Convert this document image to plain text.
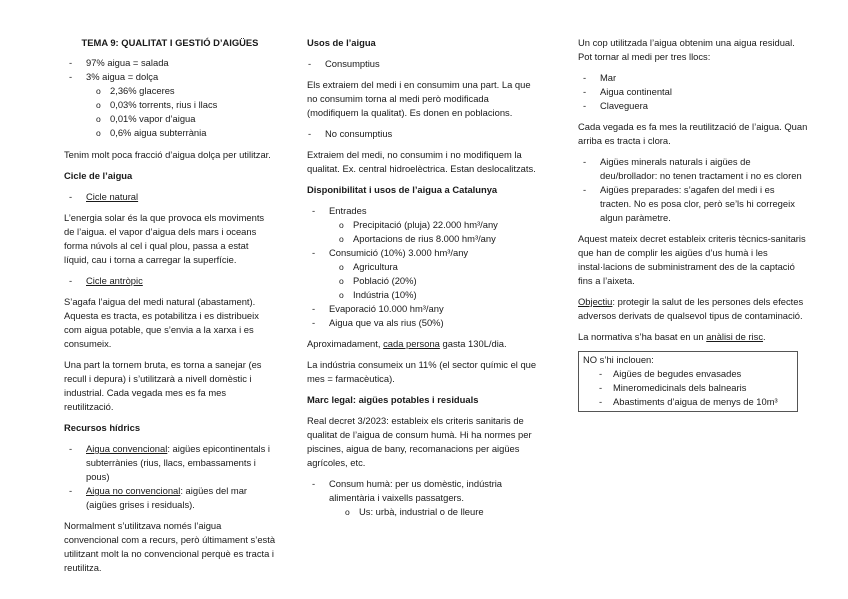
TEMA 9: QUALITAT I GESTIÓ D’AIGÜES

- 97% aigua = salada
- 3% aigua = dolça
o 2,36% glaceres
o 0,03% torrents, rius i llacs
o 0,01% vapor d’aigua
o 0,6% aigua subterrània

Tenim molt poca fracció d’aigua dolça per utilitzar.

Cicle de l’aigua

- Cicle natural

L’energia solar és la que provoca els moviments de l’aigua. el vapor d’aigua dels mars i oceans forma núvols al cel i qual plou, passa a estat líquid, cau i torna a carregar la superfície.

- Cicle antròpic

S’agafa l’aigua del medi natural (abastament). Aquesta es tracta, es potabilitza i es distribueix com aigua potable, que s’envia a la xarxa i es consumeix.

Una part la tornem bruta, es torna a sanejar (es recull i depura) i s’utilitzarà a nivell domèstic i industrial. Cada vegada mes es fa mes reutilització.

Recursos hídrics

- Aigua convencional: aigües epicontinentals i subterrànies (rius, llacs, embassaments i pous)
- Aigua no convencional: aigües del mar (aigües grises i residuals).

Normalment s’utilitzava només l’aigua convencional com a recurs, però últimament s’està utilitzant molt la no convencional perquè es tracta i reutilitza.

Usos de l’aigua

- Consumptius

Els extraiem del medi i en consumim una part. La que no consumim torna al medi però modificada (modifiquem la qualitat). Es donen en poblacions.

- No consumptius

Extraiem del medi, no consumim i no modifiquem la qualitat. Ex. central hidroelèctrica. Estan deslocalitzats.

Disponibilitat i usos de l’aigua a Catalunya

- Entrades
o Precipitació (pluja) 22.000 hm³/any
o Aportacions de rius 8.000 hm³/any
- Consumició (10%) 3.000 hm³/any
o Agricultura
o Població (20%)
o Indústria (10%)
- Evaporació 10.000 hm³/any
- Aigua que va als rius (50%)

Aproximadament, cada persona gasta 130L/dia.

La indústria consumeix un 11% (el sector químic el que mes = farmacèutica).

Marc legal: aigües potables i residuals

Real decret 3/2023: estableix els criteris sanitaris de qualitat de l’aigua de consum humà. Hi ha normes per piscines, aigua de bany, recomanacions per aigües agrícoles, etc.

- Consum humà: per us domèstic, indústria alimentària i vaixells passatgers.
o Us: urbà, industrial o de lleure

Un cop utilitzada l’aigua obtenim una aigua residual. Pot tornar al medi per tres llocs:

- Mar
- Aigua continental
- Claveguera

Cada vegada es fa mes la reutilització de l’aigua. Quan arriba es tracta i clora.

- Aigües minerals naturals i aigües de deu/brollador: no tenen tractament i no es cloren
- Aigües preparades: s’agafen del medi i es tracten. No es posa clor, però se’ls hi corregeix algun paràmetre.

Aquest mateix decret estableix criteris tècnics-sanitaris que han de complir les aigües d’us humà i les instal·lacions de subministrament des de la captació fins a l’aixeta.

Objectiu: protegir la salut de les persones dels efectes adversos derivats de qualsevol tipus de contaminació.

La normativa s’ha basat en un anàlisi de risc.

NO s’hi inclouen:
- Aigües de begudes envasades
- Mineromedicinals dels balnearis
- Abastiments d’aigua de menys de 10m³
